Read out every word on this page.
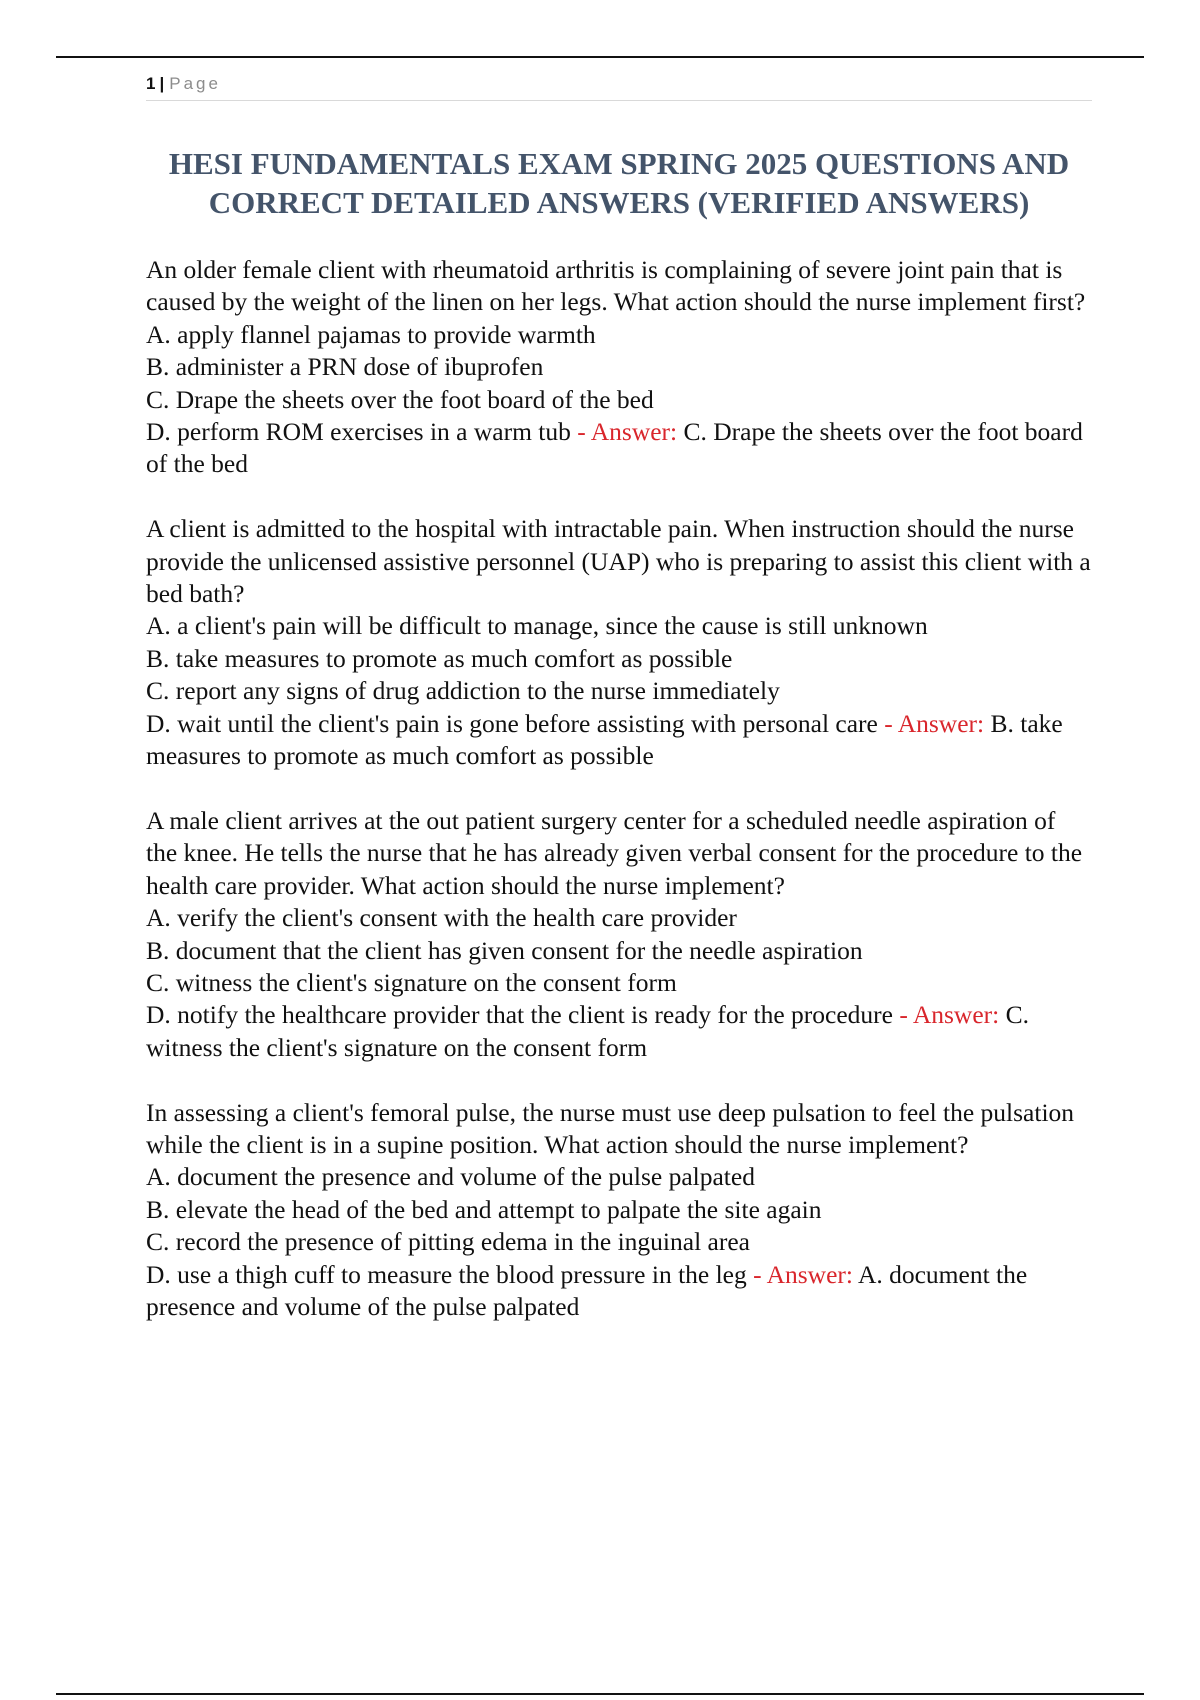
1 | Page
HESI FUNDAMENTALS EXAM SPRING 2025 QUESTIONS AND CORRECT DETAILED ANSWERS (VERIFIED ANSWERS)

An older female client with rheumatoid arthritis is complaining of severe joint pain that is caused by the weight of the linen on her legs. What action should the nurse implement first?

A. apply flannel pajamas to provide warmth

B. administer a PRN dose of ibuprofen

C. Drape the sheets over the foot board of the bed

D. perform ROM exercises in a warm tub - Answer: C. Drape the sheets over the foot board of the bed

A client is admitted to the hospital with intractable pain. When instruction should the nurse provide the unlicensed assistive personnel (UAP) who is preparing to assist this client with a bed bath?

A. a client's pain will be difficult to manage, since the cause is still unknown

B. take measures to promote as much comfort as possible

C. report any signs of drug addiction to the nurse immediately

D. wait until the client's pain is gone before assisting with personal care - Answer: B. take measures to promote as much comfort as possible

A male client arrives at the out patient surgery center for a scheduled needle aspiration of the knee. He tells the nurse that he has already given verbal consent for the procedure to the health care provider. What action should the nurse implement?

A. verify the client's consent with the health care provider

B. document that the client has given consent for the needle aspiration

C. witness the client's signature on the consent form

D. notify the healthcare provider that the client is ready for the procedure - Answer: C. witness the client's signature on the consent form

In assessing a client's femoral pulse, the nurse must use deep pulsation to feel the pulsation while the client is in a supine position. What action should the nurse implement?

A. document the presence and volume of the pulse palpated

B. elevate the head of the bed and attempt to palpate the site again

C. record the presence of pitting edema in the inguinal area

D. use a thigh cuff to measure the blood pressure in the leg - Answer: A. document the presence and volume of the pulse palpated
